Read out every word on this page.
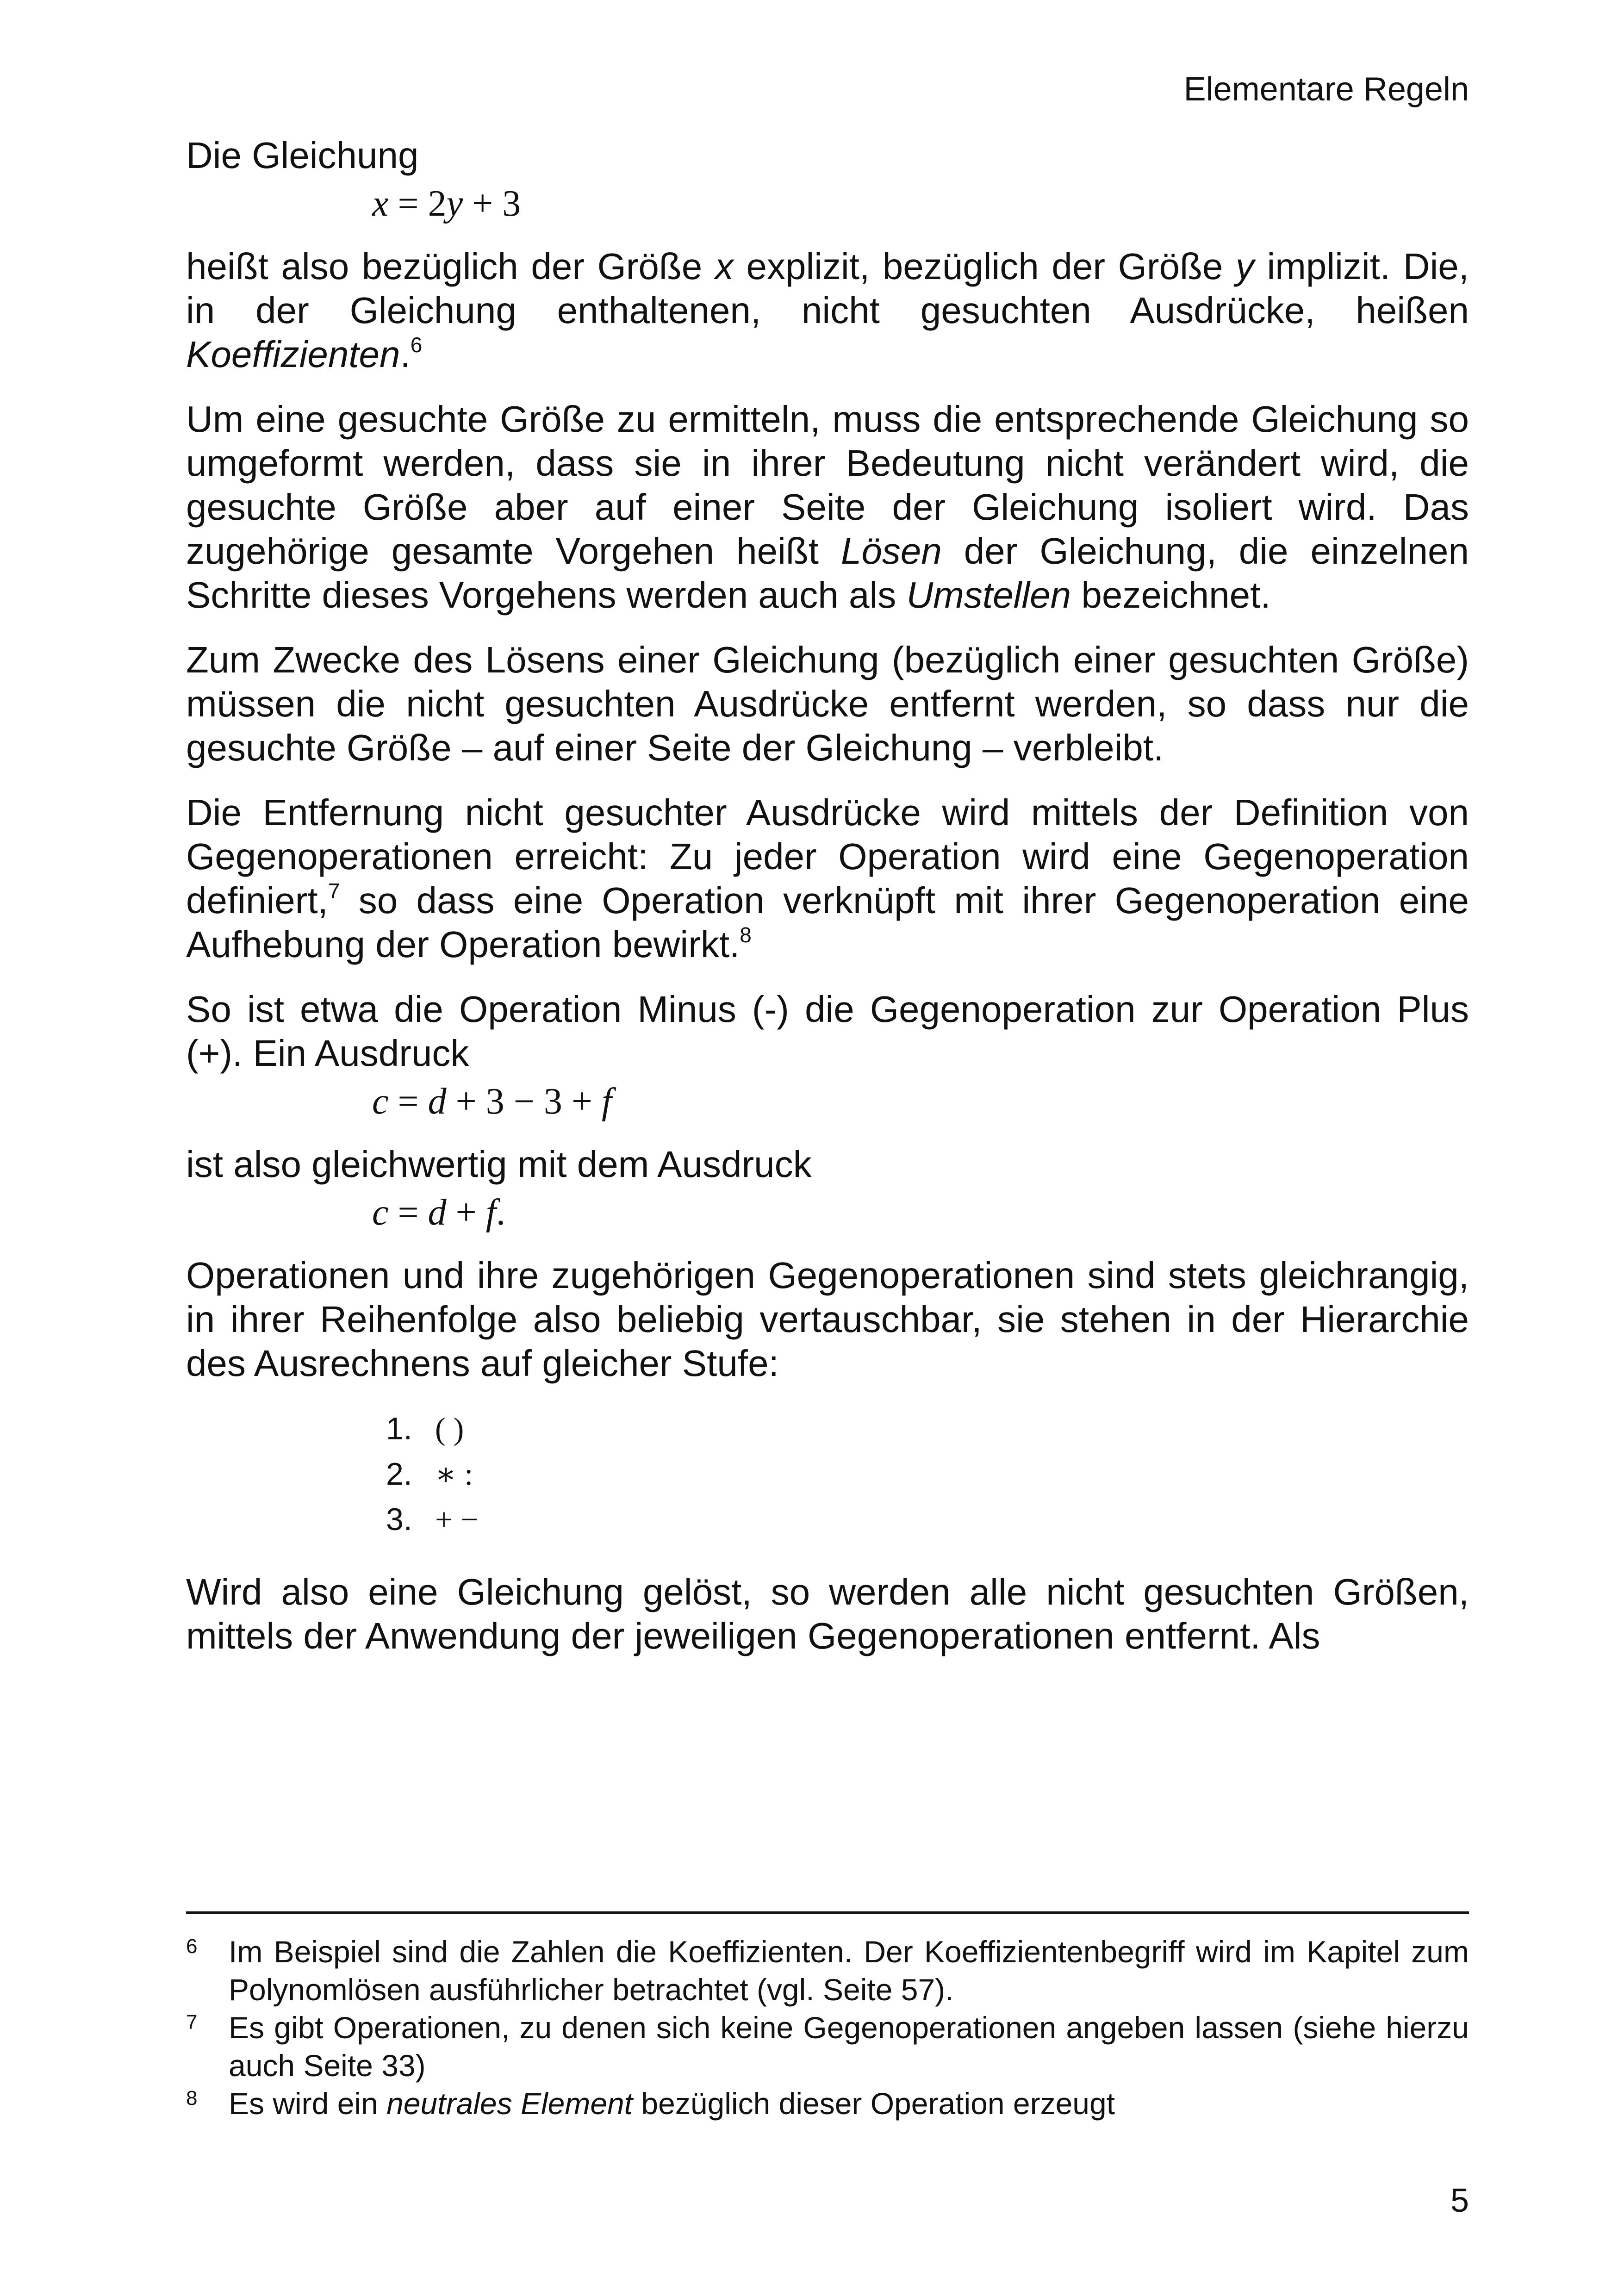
Elementare Regeln

Die Gleichung

x = 2y + 3

heißt also bezüglich der Größe x explizit, bezüglich der Größe y implizit. Die, in der Gleichung enthaltenen, nicht gesuchten Ausdrücke, heißen Koeffizienten.$^6$

Um eine gesuchte Größe zu ermitteln, muss die entsprechende Gleichung so umgeformt werden, dass sie in ihrer Bedeutung nicht verändert wird, die gesuchte Größe aber auf einer Seite der Gleichung isoliert wird. Das zugehörige gesamte Vorgehen heißt Lösen der Gleichung, die einzelnen Schritte dieses Vorgehens werden auch als Umstellen bezeichnet.

Zum Zwecke des Lösens einer Gleichung (bezüglich einer gesuchten Größe) müssen die nicht gesuchten Ausdrücke entfernt werden, so dass nur die gesuchte Größe – auf einer Seite der Gleichung – verbleibt.

Die Entfernung nicht gesuchter Ausdrücke wird mittels der Definition von Gegenoperationen erreicht: Zu jeder Operation wird eine Gegenoperation definiert,$^7$ so dass eine Operation verknüpft mit ihrer Gegenoperation eine Aufhebung der Operation bewirkt.$^8$

So ist etwa die Operation Minus (-) die Gegenoperation zur Operation Plus (+). Ein Ausdruck

c = d + 3 − 3 + f

ist also gleichwertig mit dem Ausdruck

c = d + f.

Operationen und ihre zugehörigen Gegenoperationen sind stets gleichrangig, in ihrer Reihenfolge also beliebig vertauschbar, sie stehen in der Hierarchie des Ausrechnens auf gleicher Stufe:

1. ( )
2. ∗ :
3. + −

Wird also eine Gleichung gelöst, so werden alle nicht gesuchten Größen, mittels der Anwendung der jeweiligen Gegenoperationen entfernt. Als

6	Im Beispiel sind die Zahlen die Koeffizienten. Der Koeffizientenbegriff wird im Kapitel zum Polynomlösen ausführlicher betrachtet (vgl. Seite 57).
7	Es gibt Operationen, zu denen sich keine Gegenoperationen angeben lassen (siehe hierzu auch Seite 33)
8	Es wird ein neutrales Element bezüglich dieser Operation erzeugt
5
